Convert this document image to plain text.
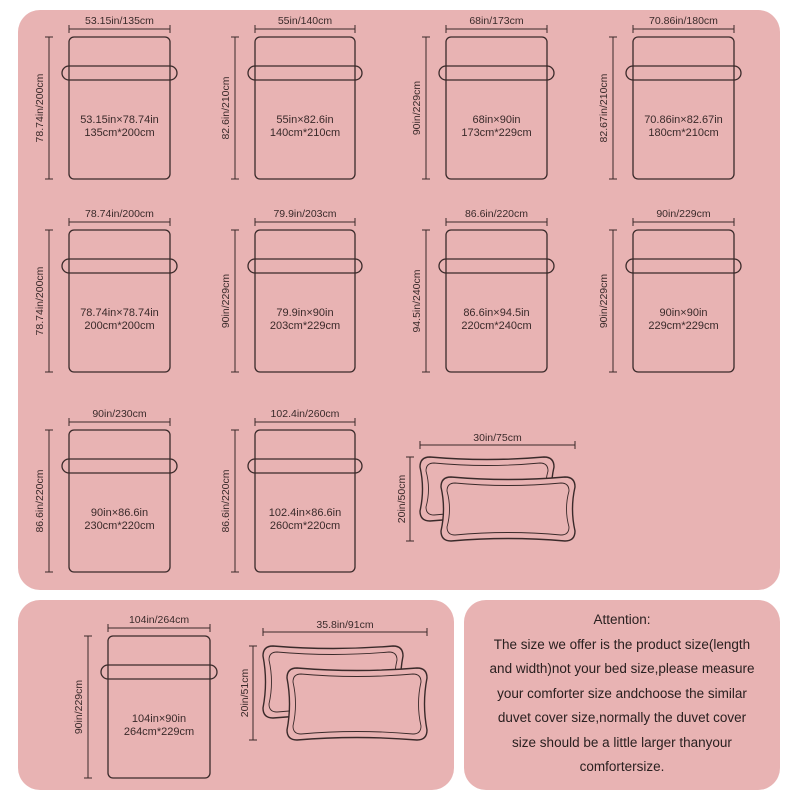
53.15in/135cm
78.74in/200cm	53.15in×78.74in
135cm*200cm
55in/140cm
82.6in/210cm	55in×82.6in
140cm*210cm
68in/173cm
90in/229cm	68in×90in
173cm*229cm
70.86in/180cm
82.67in/210cm	70.86in×82.67in
180cm*210cm
78.74in/200cm
78.74in/200cm	78.74in×78.74in
200cm*200cm
79.9in/203cm
90in/229cm	79.9in×90in
203cm*229cm
86.6in/220cm
94.5in/240cm	86.6in×94.5in
220cm*240cm
90in/229cm
90in/229cm	90in×90in
229cm*229cm
90in/230cm
86.6in/220cm	90in×86.6in
230cm*220cm
102.4in/260cm
86.6in/220cm	102.4in×86.6in
260cm*220cm
104in/264cm
90in/229cm	104in×90in
264cm*229cm
30in/75cm
20in/50cm
35.8in/91cm
20in/51cm
Attention:
The size we offer is the product size(length
and width)not your bed size,please measure
your comforter size andchoose the similar
duvet cover size,normally the duvet cover
size should be a little larger thanyour
comfortersize.
